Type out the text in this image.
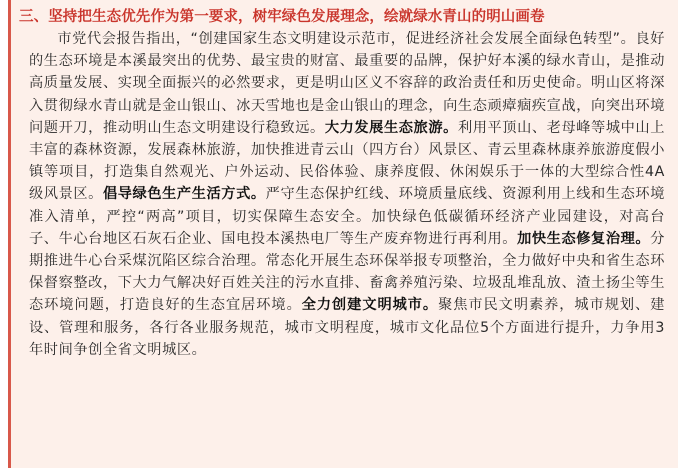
三、坚持把生态优先作为第一要求，树牢绿色发展理念，绘就绿水青山的明山画卷

市党代会报告指出，“创建国家生态文明建设示范市，促进经济社会发展全面绿色转型”。良好的生态环境是本溪最突出的优势、最宝贵的财富、最重要的品牌，保护好本溪的绿水青山，是推动高质量发展、实现全面振兴的必然要求，更是明山区义不容辞的政治责任和历史使命。明山区将深入贯彻绿水青山就是金山银山、冰天雪地也是金山银山的理念，向生态顽瘴痼疾宣战，向突出环境问题开刀，推动明山生态文明建设行稳致远。大力发展生态旅游。利用平顶山、老母峰等城中山上丰富的森林资源，发展森林旅游，加快推进青云山（四方台）风景区、青云里森林康养旅游度假小镇等项目，打造集自然观光、户外运动、民俗体验、康养度假、休闲娱乐于一体的大型综合性4A级风景区。倡导绿色生产生活方式。严守生态保护红线、环境质量底线、资源利用上线和生态环境准入清单，严控“两高”项目，切实保障生态安全。加快绿色低碳循环经济产业园建设，对高台子、牛心台地区石灰石企业、国电投本溪热电厂等生产废弃物进行再利用。加快生态修复治理。分期推进牛心台采煤沉陷区综合治理。常态化开展生态环保举报专项整治，全力做好中央和省生态环保督察整改，下大力气解决好百姓关注的污水直排、畜禽养殖污染、垃圾乱堆乱放、渣土扬尘等生态环境问题，打造良好的生态宜居环境。全力创建文明城市。聚焦市民文明素养，城市规划、建设、管理和服务，各行各业服务规范，城市文明程度，城市文化品位5个方面进行提升，力争用3年时间争创全省文明城区。
